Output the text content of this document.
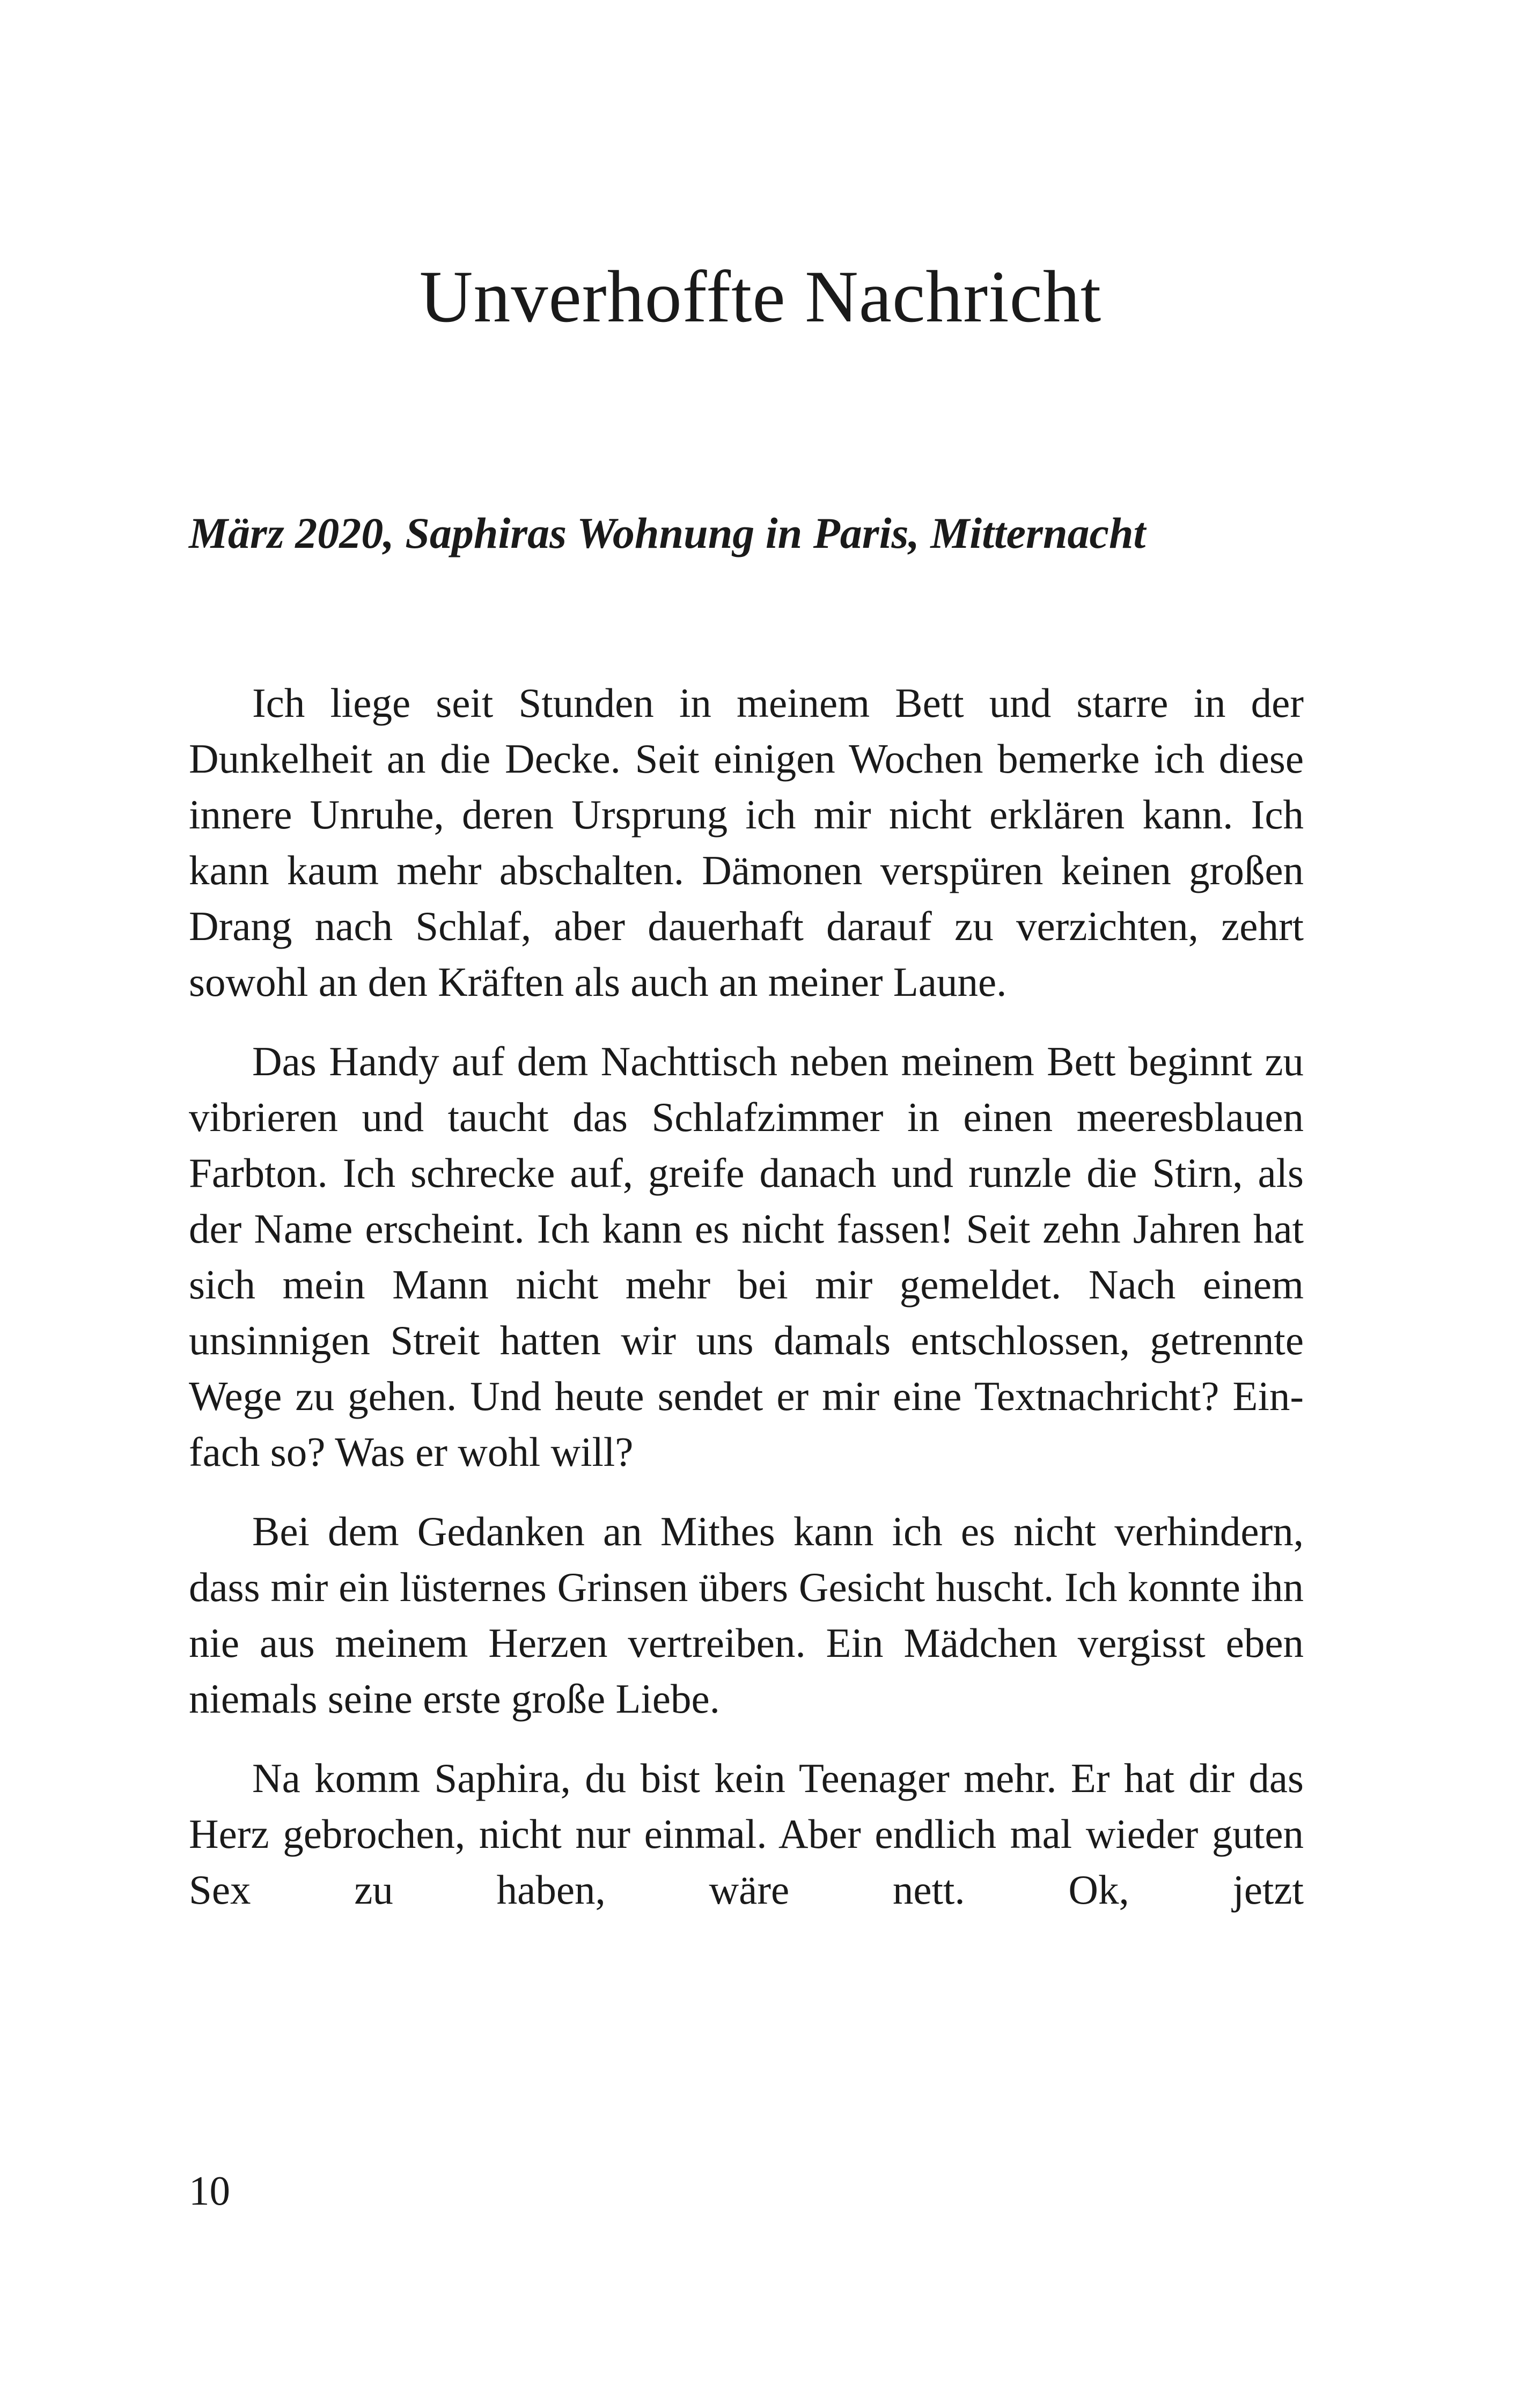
Unverhoffte Nachricht
März 2020, Saphiras Wohnung in Paris, Mitternacht

Ich liege seit Stunden in meinem Bett und starre in der Dunkelheit an die Decke. Seit einigen Wochen bemerke ich diese innere Unruhe, deren Ursprung ich mir nicht erklären kann. Ich kann kaum mehr abschalten. Dämonen verspüren keinen großen Drang nach Schlaf, aber dauerhaft darauf zu verzichten, zehrt sowohl an den Kräften als auch an meiner Laune.

Das Handy auf dem Nachttisch neben meinem Bett beginnt zu vibrieren und taucht das Schlafzimmer in einen meeresblauen Farbton. Ich schrecke auf, greife danach und runzle die Stirn, als der Name erscheint. Ich kann es nicht fassen! Seit zehn Jahren hat sich mein Mann nicht mehr bei mir gemeldet. Nach einem unsinnigen Streit hatten wir uns damals entschlossen, getrennte Wege zu gehen. Und heute sendet er mir eine Textnachricht? Einfach so? Was er wohl will?

Bei dem Gedanken an Mithes kann ich es nicht verhindern, dass mir ein lüsternes Grinsen übers Gesicht huscht. Ich konnte ihn nie aus meinem Herzen vertreiben. Ein Mädchen vergisst eben niemals seine erste große Liebe.

Na komm Saphira, du bist kein Teenager mehr. Er hat dir das Herz gebrochen, nicht nur einmal. Aber endlich mal wieder guten Sex zu haben, wäre nett. Ok, jetzt

10
